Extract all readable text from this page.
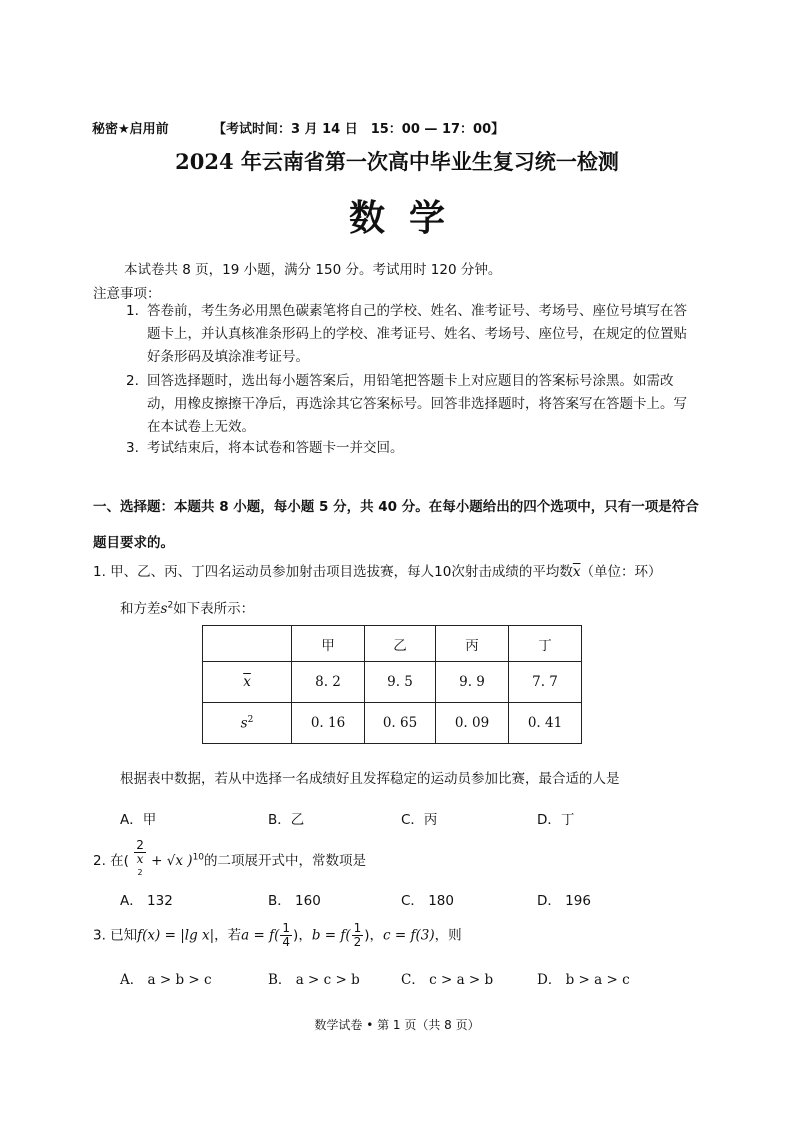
秘密★启用前	【考试时间：3 月 14 日　15：00 — 17：00】
2024 年云南省第一次高中毕业生复习统一检测
数学
本试卷共 8 页，19 小题，满分 150 分。考试用时 120 分钟。
注意事项：
1. 答卷前，考生务必用黑色碳素笔将自己的学校、姓名、准考证号、考场号、座位号填写在答题卡上，并认真核准条形码上的学校、准考证号、姓名、考场号、座位号，在规定的位置贴好条形码及填涂准考证号。
2. 回答选择题时，选出每小题答案后，用铅笔把答题卡上对应题目的答案标号涂黑。如需改动，用橡皮擦擦干净后，再选涂其它答案标号。回答非选择题时，将答案写在答题卡上。写在本试卷上无效。
3. 考试结束后，将本试卷和答题卡一并交回。
一、选择题：本题共 8 小题，每小题 5 分，共 40 分。在每小题给出的四个选项中，只有一项是符合题目要求的。
1. 甲、乙、丙、丁四名运动员参加射击项目选拔赛，每人10次射击成绩的平均数$\overline{x}$（单位：环）
和方差$s^2$如下表所示：
	甲	乙	丙	丁
$\overline{x}$	8. 2	9. 5	9. 9	7. 7
$s^2$	0. 16	0. 65	0. 09	0. 41
根据表中数据，若从中选择一名成绩好且发挥稳定的运动员参加比赛，最合适的人是
A．甲	B．乙	C．丙	D．丁
2. 在( 2
x
$^2$ + √x )$^{10}$的二项展开式中，常数项是
A． 132	B． 160	C． 180	D． 196
3. 已知f(x) = |lg x|，若$a = f( \frac{1}{4}$ )，$b = f( \frac{1}{2}$ )，c = f(3)，则
A． a > b > c	B． a > c > b	C． c > a > b	D． b > a > c
数学试卷 • 第 1 页（共 8 页）
